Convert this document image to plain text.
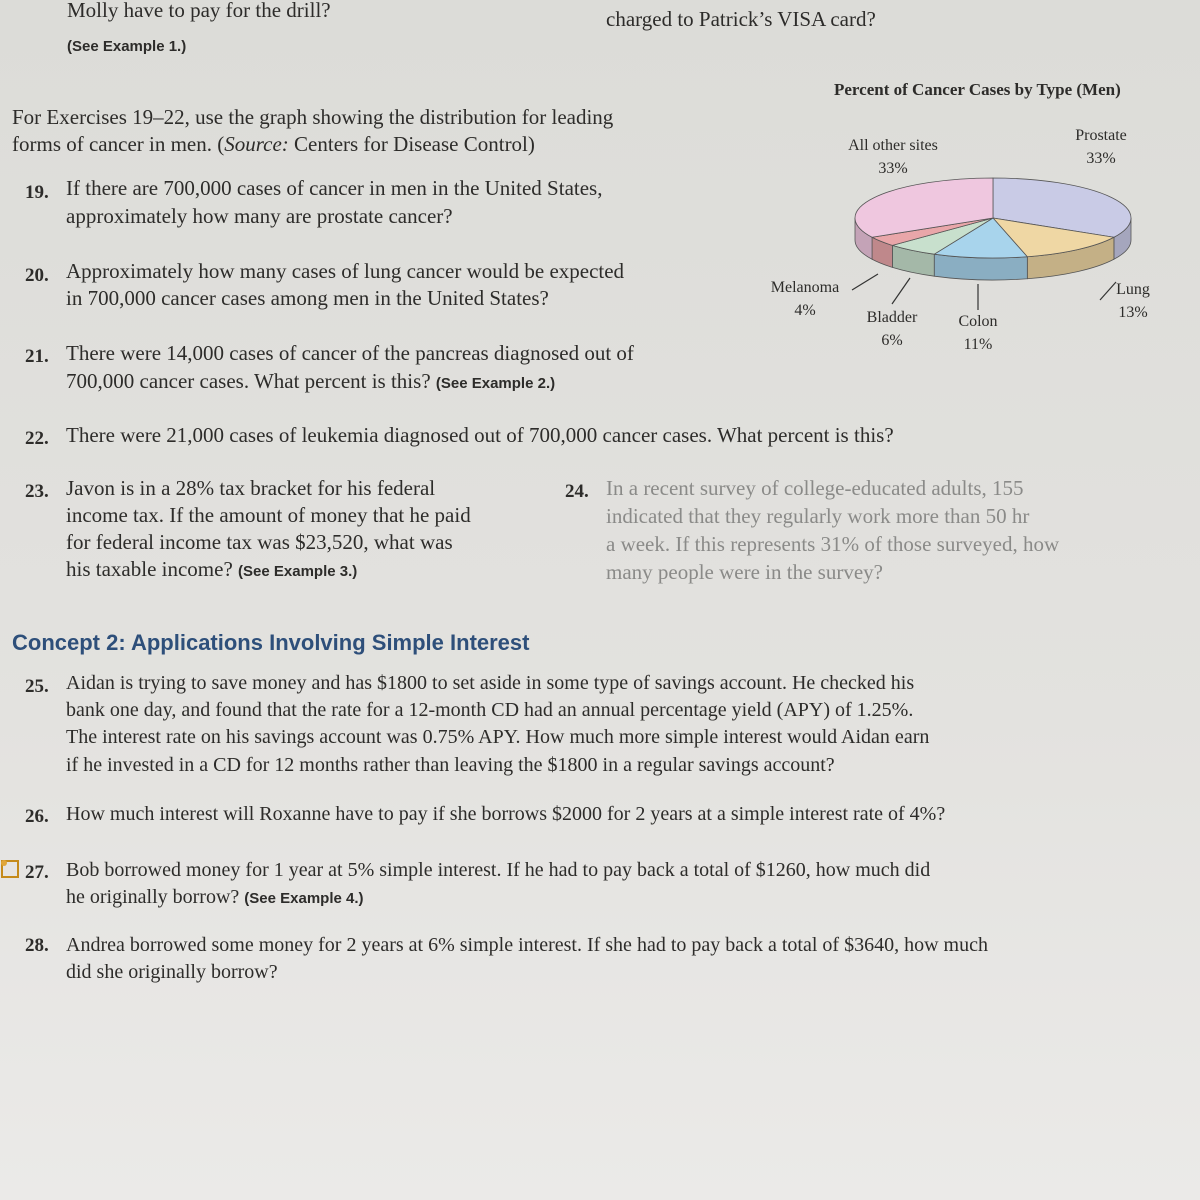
Molly have to pay for the drill?
(See Example 1.)
charged to Patrick’s VISA card?
For Exercises 19–22, use the graph showing the distribution for leading
forms of cancer in men. (Source: Centers for Disease Control)
19. If there are 700,000 cases of cancer in men in the United States,
approximately how many are prostate cancer?
20. Approximately how many cases of lung cancer would be expected
in 700,000 cancer cases among men in the United States?
21. There were 14,000 cases of cancer of the pancreas diagnosed out of
700,000 cancer cases. What percent is this? (See Example 2.)
22. There were 21,000 cases of leukemia diagnosed out of 700,000 cancer cases. What percent is this?
23. Javon is in a 28% tax bracket for his federal
income tax. If the amount of money that he paid
for federal income tax was $23,520, what was
his taxable income? (See Example 3.)
24. In a recent survey of college-educated adults, 155
indicated that they regularly work more than 50 hr
a week. If this represents 31% of those surveyed, how
many people were in the survey?
Concept 2: Applications Involving Simple Interest
25. Aidan is trying to save money and has $1800 to set aside in some type of savings account. He checked his
bank one day, and found that the rate for a 12-month CD had an annual percentage yield (APY) of 1.25%.
The interest rate on his savings account was 0.75% APY. How much more simple interest would Aidan earn
if he invested in a CD for 12 months rather than leaving the $1800 in a regular savings account?
26. How much interest will Roxanne have to pay if she borrows $2000 for 2 years at a simple interest rate of 4%?
27. Bob borrowed money for 1 year at 5% simple interest. If he had to pay back a total of $1260, how much did
he originally borrow? (See Example 4.)
28. Andrea borrowed some money for 2 years at 6% simple interest. If she had to pay back a total of $3640, how much
did she originally borrow?
Percent of Cancer Cases by Type (Men)
All other sites
33%
Prostate
33%
Lung
13%
Colon
11%
Bladder
6%
Melanoma
4%
